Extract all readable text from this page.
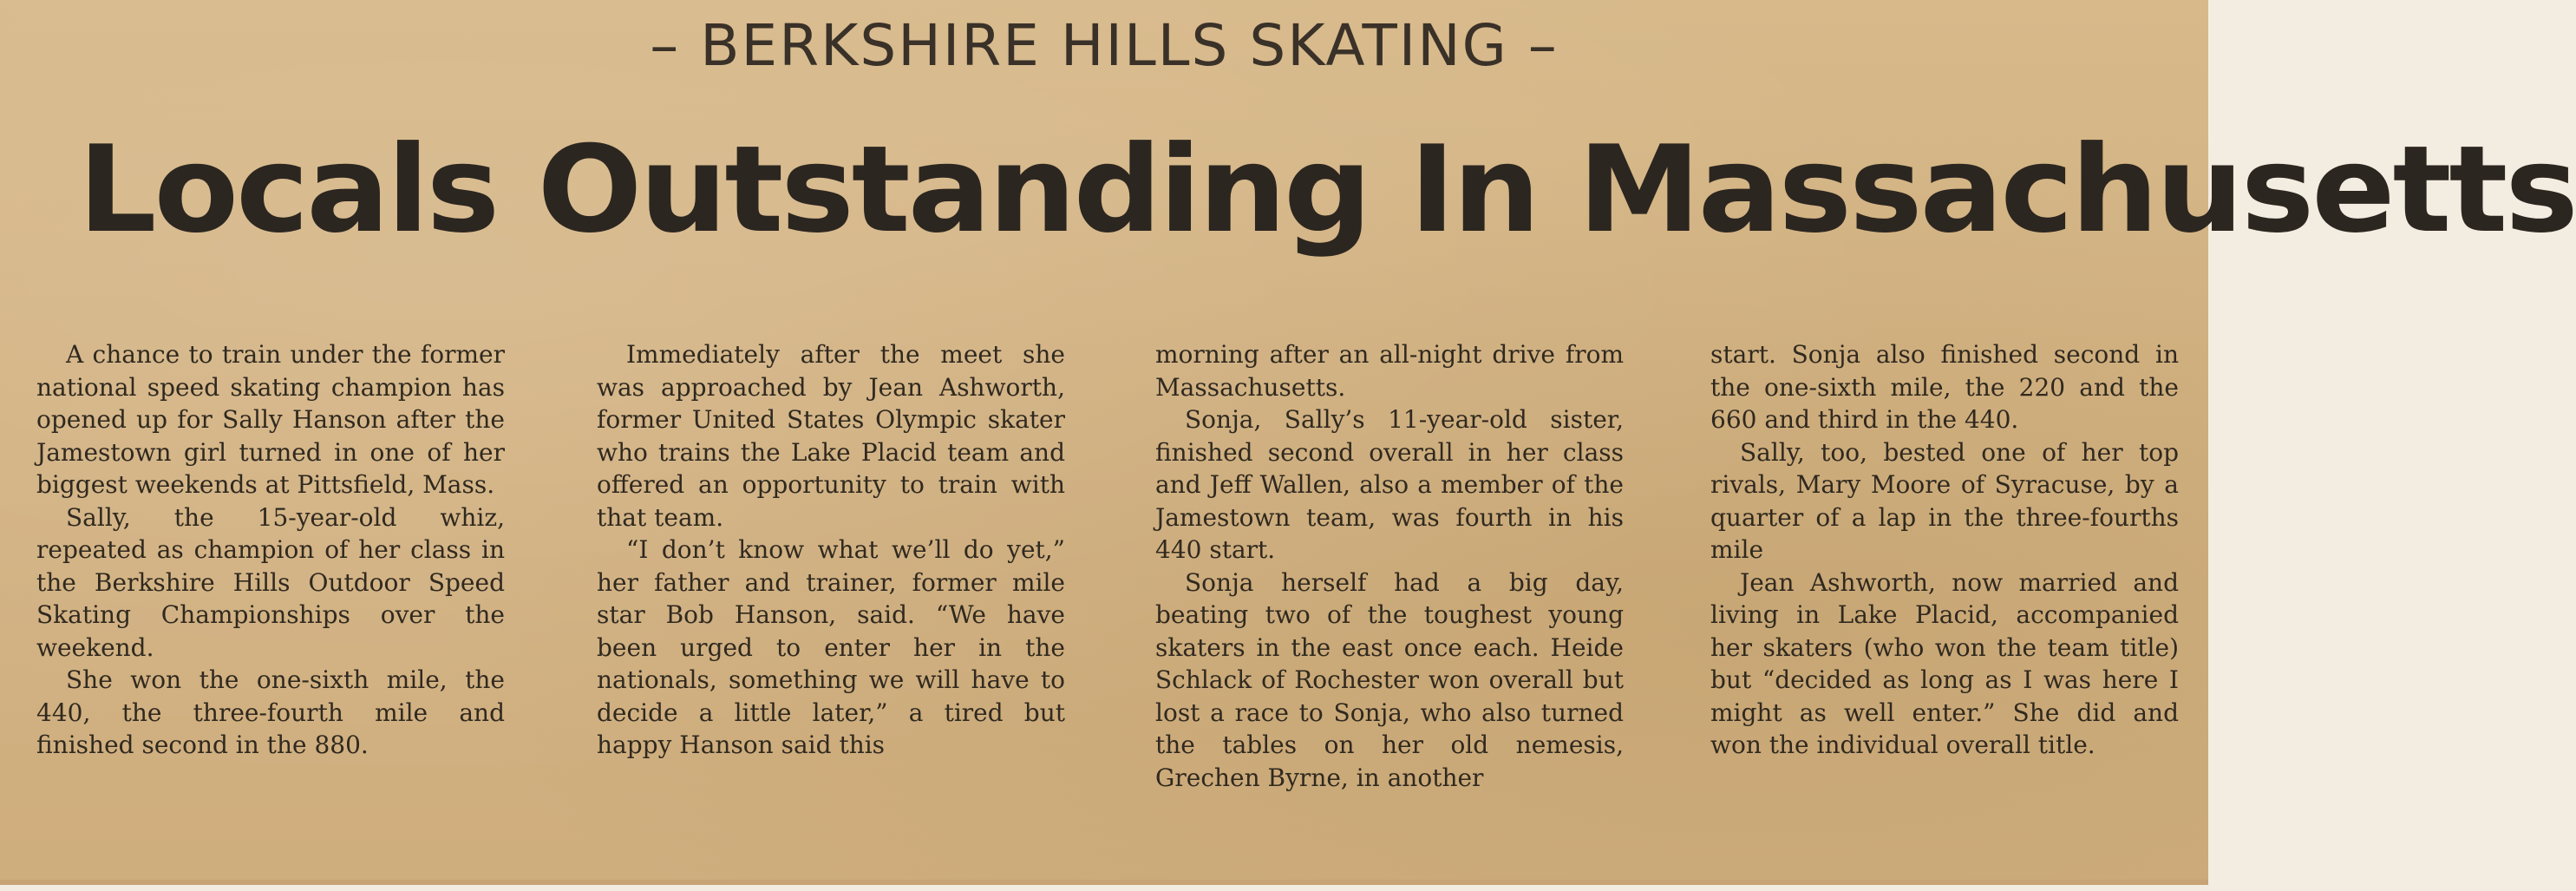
– BERKSHIRE HILLS SKATING –
Locals Outstanding In Massachusetts

A chance to train under the former national speed skating champion has opened up for Sally Hanson after the Jamestown girl turned in one of her biggest weekends at Pittsfield, Mass.

Sally, the 15-year-old whiz, repeated as champion of her class in the Berkshire Hills Outdoor Speed Skating Championships over the weekend.

She won the one-sixth mile, the 440, the three-fourth mile and finished second in the 880.

Immediately after the meet she was approached by Jean Ashworth, former United States Olympic skater who trains the Lake Placid team and offered an opportunity to train with that team.

“I don’t know what we’ll do yet,” her father and trainer, former mile star Bob Hanson, said. “We have been urged to enter her in the nationals, something we will have to decide a little later,” a tired but happy Hanson said this

morning after an all-night drive from Massachusetts.

Sonja, Sally’s 11-year-old sister, finished second overall in her class and Jeff Wallen, also a member of the Jamestown team, was fourth in his 440 start.

Sonja herself had a big day, beating two of the toughest young skaters in the east once each. Heide Schlack of Rochester won overall but lost a race to Sonja, who also turned the tables on her old nemesis, Grechen Byrne, in another

start. Sonja also finished second in the one-sixth mile, the 220 and the 660 and third in the 440.

Sally, too, bested one of her top rivals, Mary Moore of Syracuse, by a quarter of a lap in the three-fourths mile

Jean Ashworth, now married and living in Lake Placid, accompanied her skaters (who won the team title) but “decided as long as I was here I might as well enter.” She did and won the individual overall title.
